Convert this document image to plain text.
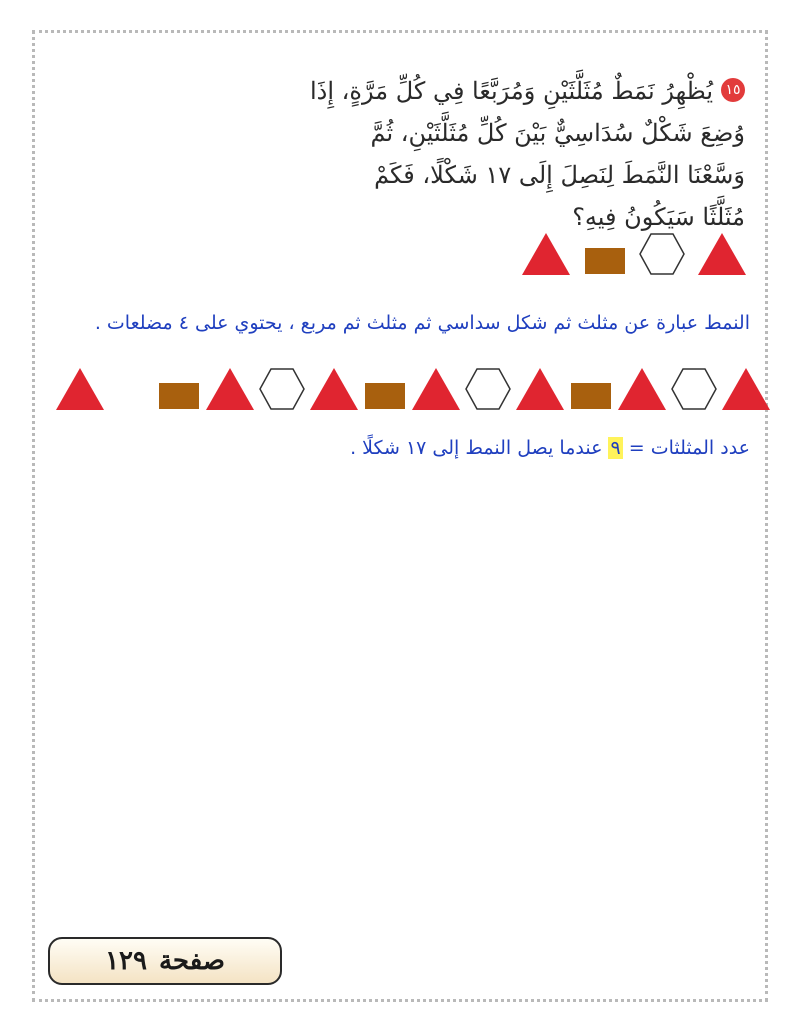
١٥يُظْهِرُ نَمَطٌ مُثَلَّثَيْنِ وَمُرَبَّعًا فِي كُلِّ مَرَّةٍ، إِذَا
وُضِعَ شَكْلٌ سُدَاسِيٌّ بَيْنَ كُلِّ مُثَلَّثَيْنِ، ثُمَّ
وَسَّعْنَا النَّمَطَ لِنَصِلَ إِلَى ١٧ شَكْلًا، فَكَمْ
مُثَلَّثًا سَيَكُونُ فِيهِ؟
النمط عبارة عن مثلث ثم شكل سداسي ثم مثلث ثم مربع ، يحتوي على ٤ مضلعات .
عدد المثلثات = ٩ عندما يصل النمط إلى ١٧ شكلًا .
صفحة
١٢٩
